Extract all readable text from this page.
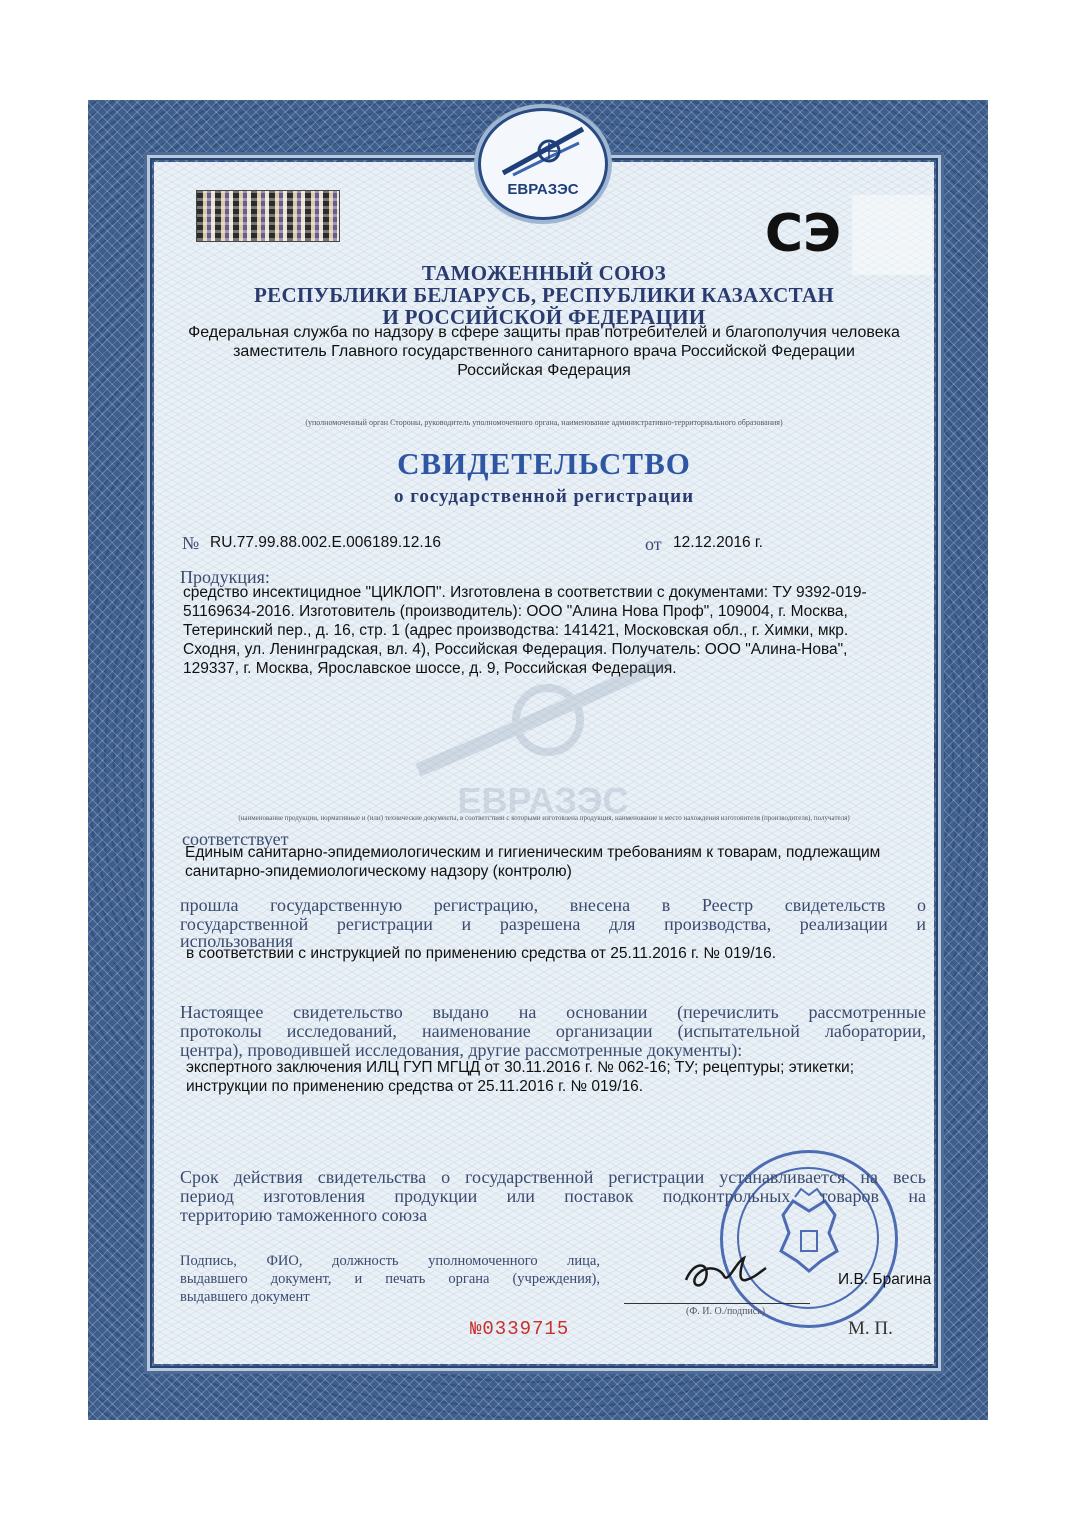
ЕВРАЗЭС
СЭ
ТАМОЖЕННЫЙ СОЮЗ
РЕСПУБЛИКИ БЕЛАРУСЬ, РЕСПУБЛИКИ КАЗАХСТАН
И РОССИЙСКОЙ ФЕДЕРАЦИИ
Федеральная служба по надзору в сфере защиты прав потребителей и благополучия человека
заместитель Главного государственного санитарного врача Российской Федерации
Российская Федерация
(уполномоченный орган Стороны, руководитель уполномоченного органа, наименование административно-территориального образования)
СВИДЕТЕЛЬСТВО
о государственной регистрации
№ RU.77.99.88.002.E.006189.12.16	от 12.12.2016 г.
Продукция:
средство инсектицидное "ЦИКЛОП". Изготовлена в соответствии с документами: ТУ 9392-019-
51169634-2016. Изготовитель (производитель): ООО "Алина Нова Проф", 109004, г. Москва,
Тетеринский пер., д. 16, стр. 1 (адрес производства: 141421, Московская обл., г. Химки, мкр.
Сходня, ул. Ленинградская, вл. 4), Российская Федерация. Получатель: ООО "Алина-Нова",
129337, г. Москва, Ярославское шоссе, д. 9, Российская Федерация.
ЕВРАЗЭС
(наименование продукции, нормативные и (или) технические документы, в соответствии с которыми изготовлена продукция, наименование и место нахождения изготовителя (производителя), получателя)
соответствует
Единым санитарно-эпидемиологическим и гигиеническим требованиям к товарам, подлежащим
санитарно-эпидемиологическому надзору (контролю)
прошла государственную регистрацию, внесена в Реестр свидетельств о
государственной регистрации и разрешена для производства, реализации и
использования
в соответствии с инструкцией по применению средства от 25.11.2016 г. № 019/16.
Настоящее свидетельство выдано на основании (перечислить рассмотренные
протоколы исследований, наименование организации (испытательной лаборатории,
центра), проводившей исследования, другие рассмотренные документы):
экспертного заключения ИЛЦ ГУП МГЦД от 30.11.2016 г. № 062-16; ТУ; рецептуры; этикетки;
инструкции по применению средства от 25.11.2016 г. № 019/16.
Срок действия свидетельства о государственной регистрации устанавливается на весь
период изготовления продукции или поставок подконтрольных товаров на
территорию таможенного союза
Подпись, ФИО, должность уполномоченного лица,
выдавшего документ, и печать органа (учреждения),
выдавшего документ
И.В. Брагина
(Ф. И. О./подпись)
№0339715	М. П.
